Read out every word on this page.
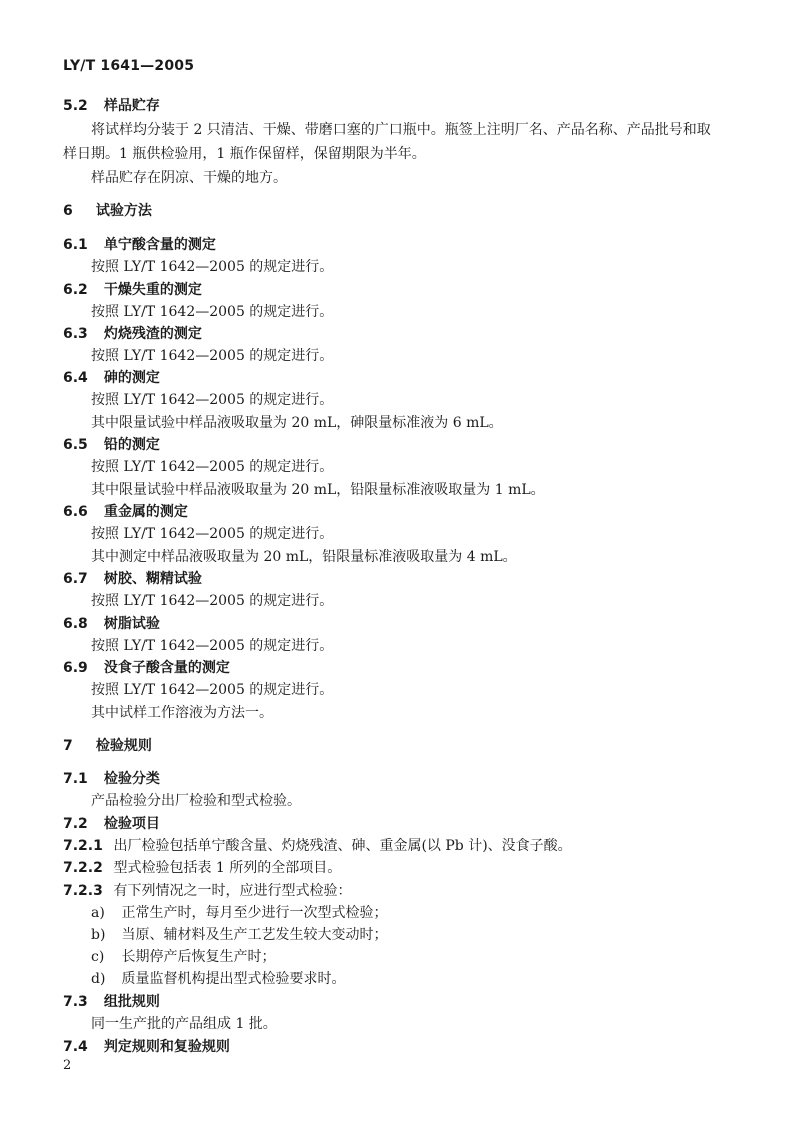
LY/T 1641—2005
5.2 样品贮存
将试样均分装于 2 只清洁、干燥、带磨口塞的广口瓶中。瓶签上注明厂名、产品名称、产品批号和取
样日期。1 瓶供检验用，1 瓶作保留样，保留期限为半年。
样品贮存在阴凉、干燥的地方。
6 试验方法
6.1 单宁酸含量的测定
按照 LY/T 1642—2005 的规定进行。
6.2 干燥失重的测定
按照 LY/T 1642—2005 的规定进行。
6.3 灼烧残渣的测定
按照 LY/T 1642—2005 的规定进行。
6.4 砷的测定
按照 LY/T 1642—2005 的规定进行。
其中限量试验中样品液吸取量为 20 mL，砷限量标准液为 6 mL。
6.5 铅的测定
按照 LY/T 1642—2005 的规定进行。
其中限量试验中样品液吸取量为 20 mL，铅限量标准液吸取量为 1 mL。
6.6 重金属的测定
按照 LY/T 1642—2005 的规定进行。
其中测定中样品液吸取量为 20 mL，铅限量标准液吸取量为 4 mL。
6.7 树胶、糊精试验
按照 LY/T 1642—2005 的规定进行。
6.8 树脂试验
按照 LY/T 1642—2005 的规定进行。
6.9 没食子酸含量的测定
按照 LY/T 1642—2005 的规定进行。
其中试样工作溶液为方法一。
7 检验规则
7.1 检验分类
产品检验分出厂检验和型式检验。
7.2 检验项目
7.2.1 出厂检验包括单宁酸含量、灼烧残渣、砷、重金属(以 Pb 计)、没食子酸。
7.2.2 型式检验包括表 1 所列的全部项目。
7.2.3 有下列情况之一时，应进行型式检验：
a) 正常生产时，每月至少进行一次型式检验；
b) 当原、辅材料及生产工艺发生较大变动时；
c) 长期停产后恢复生产时；
d) 质量监督机构提出型式检验要求时。
7.3 组批规则
同一生产批的产品组成 1 批。
7.4 判定规则和复验规则
2
